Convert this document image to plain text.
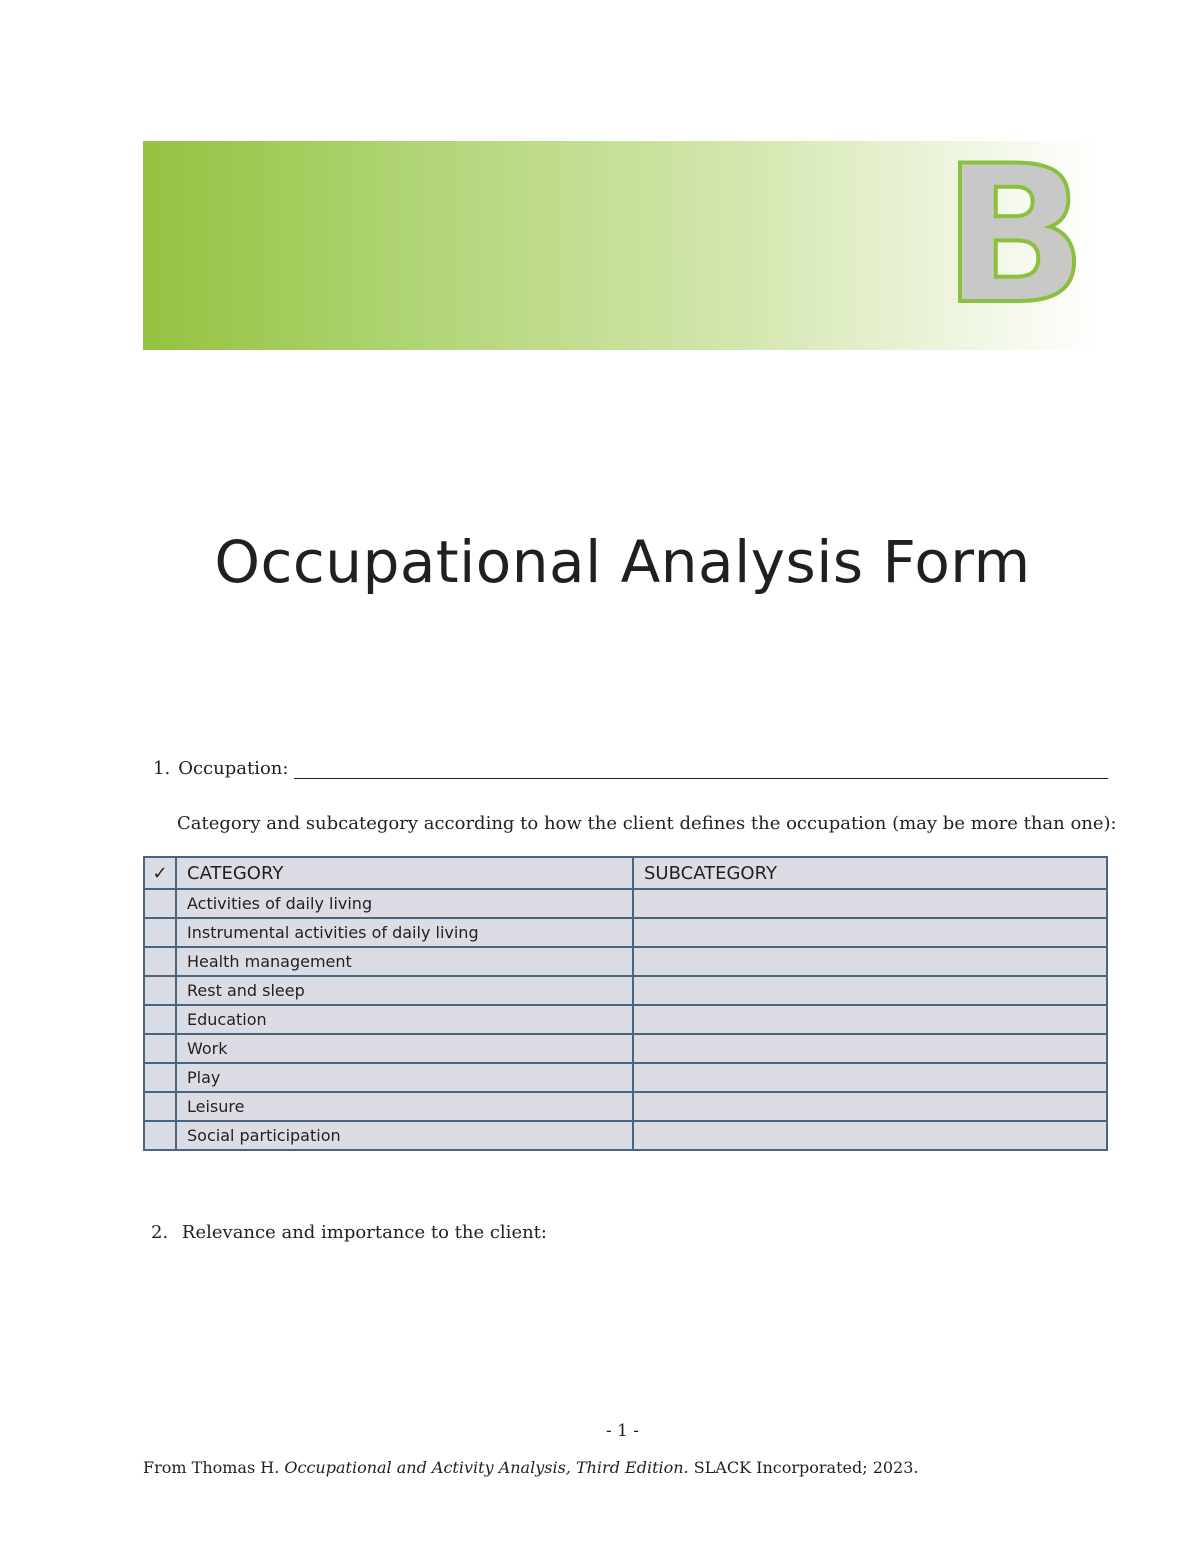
B
Occupational Analysis Form
1. Occupation:
Category and subcategory according to how the client defines the occupation (may be more than one):
✓	CATEGORY	SUBCATEGORY
	Activities of daily living	
	Instrumental activities of daily living	
	Health management	
	Rest and sleep	
	Education	
	Work	
	Play	
	Leisure	
	Social participation	
2. Relevance and importance to the client:
- 1 -
From Thomas H. Occupational and Activity Analysis, Third Edition. SLACK Incorporated; 2023.
